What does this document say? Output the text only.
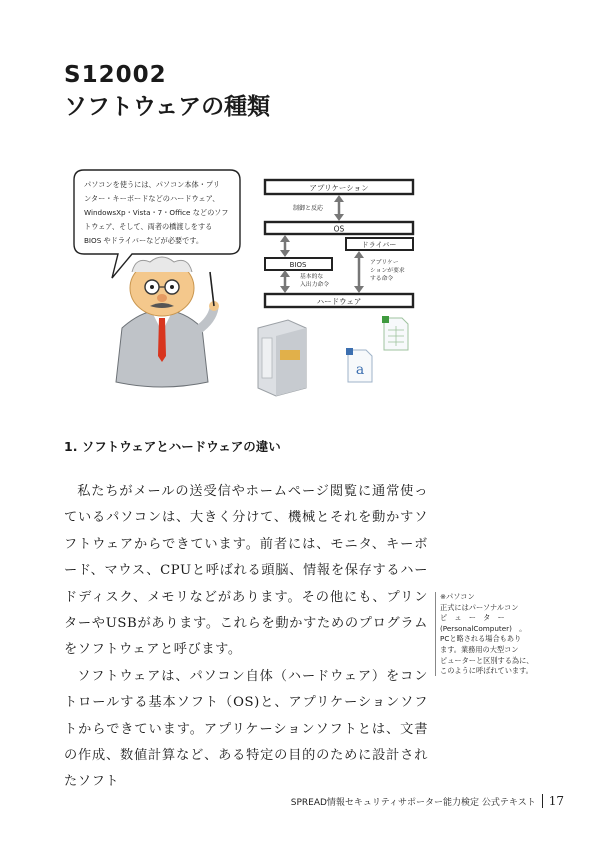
S12002
ソフトウェアの種類
パソコンを使うには、パソコン本体・プリ
ンター・キーボードなどのハードウェア、
WindowsXp・Vista・7・Office などのソフ
トウェア、そして、両者の橋渡しをする
BIOS やドライバーなどが必要です。
アプリケーション
制御と反応
OS
ドライバー
BIOS
基本的な
入出力命令
アプリケー
ションが要求
する命令
ハードウェア
a
1. ソフトウェアとハードウェアの違い

私たちがメールの送受信やホームページ閲覧に通常使っているパソコンは、大きく分けて、機械とそれを動かすソフトウェアからできています。前者には、モニタ、キーボード、マウス、CPUと呼ばれる頭脳、情報を保存するハードディスク、メモリなどがあります。その他にも、プリンターやUSBがあります。これらを動かすためのプログラムをソフトウェアと呼びます。

ソフトウェアは、パソコン自体（ハードウェア）をコントロールする基本ソフト（OS)と、アプリケーションソフトからできています。アプリケーションソフトとは、文書の作成、数値計算など、ある特定の目的のために設計されたソフト

※パソコン

正式にはパーソナルコン

ピ　ュ　ー　タ　ー

(PersonalComputer)　。

PCと略される場合もあり

ます。業務用の大型コン

ピューターと区別する為に、

このように呼ばれています。

SPREAD情報セキュリティサポーター能力検定 公式テキスト 17
